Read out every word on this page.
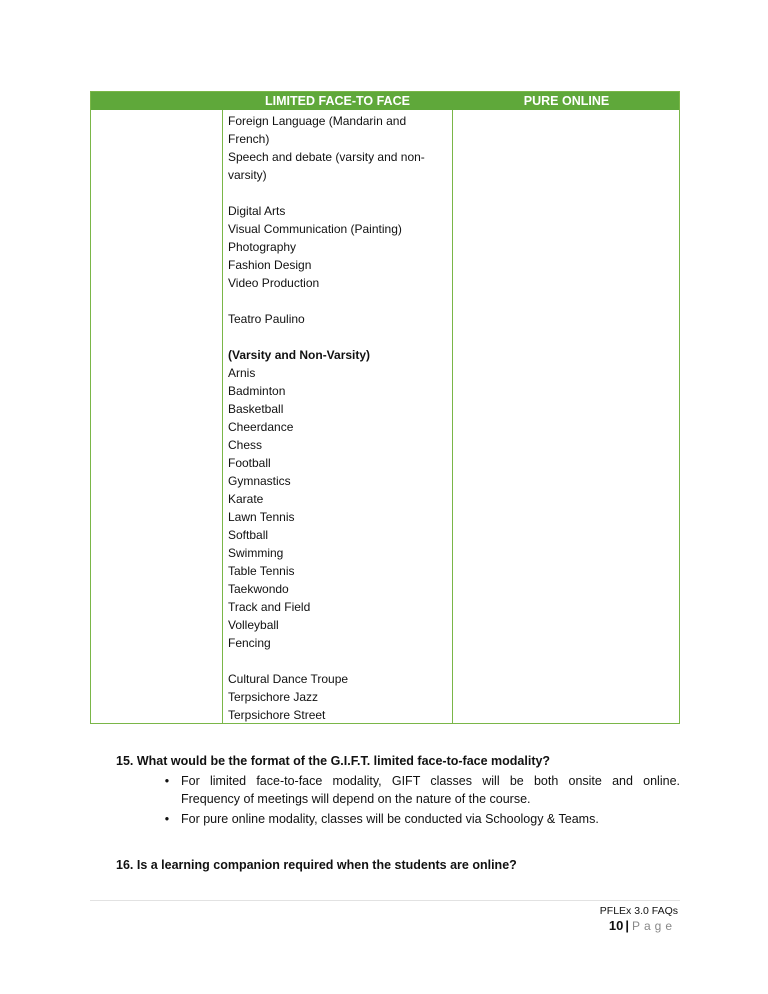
LIMITED FACE-TO FACE	PURE ONLINE
Foreign Language (Mandarin and
French)
Speech and debate (varsity and non-
varsity)
Digital Arts
Visual Communication (Painting)
Photography
Fashion Design
Video Production
Teatro Paulino
(Varsity and Non-Varsity)
Arnis
Badminton
Basketball
Cheerdance
Chess
Football
Gymnastics
Karate
Lawn Tennis
Softball
Swimming
Table Tennis
Taekwondo
Track and Field
Volleyball
Fencing
Cultural Dance Troupe
Terpsichore Jazz
Terpsichore Street
15. What would be the format of the G.I.F.T. limited face-to-face modality?
• For limited face-to-face modality, GIFT classes will be both onsite and online.
Frequency of meetings will depend on the nature of the course.
• For pure online modality, classes will be conducted via Schoology & Teams.
16. Is a learning companion required when the students are online?
PFLEx 3.0 FAQs
10 | Page
